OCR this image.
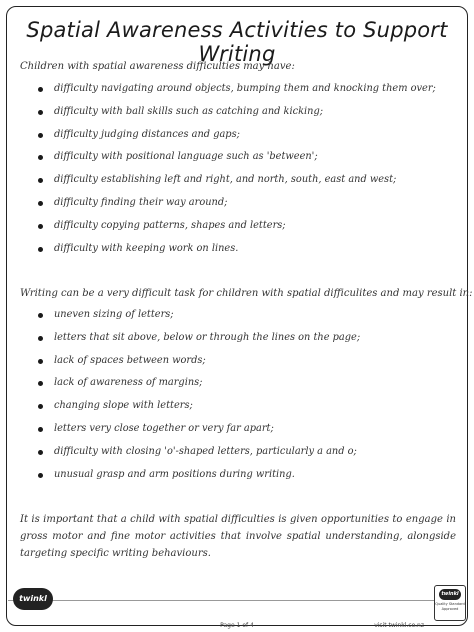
Spatial Awareness Activities to Support Writing
Children with spatial awareness difficulties may have:
difficulty navigating around objects, bumping them and knocking them over;
difficulty with ball skills such as catching and kicking;
difficulty judging distances and gaps;
difficulty with positional language such as 'between';
difficulty establishing left and right, and north, south, east and west;
difficulty finding their way around;
difficulty copying patterns, shapes and letters;
difficulty with keeping work on lines.
Writing can be a very difficult task for children with spatial difficulites and may result in:
uneven sizing of letters;
letters that sit above, below or through the lines on the page;
lack of spaces between words;
lack of awareness of margins;
changing slope with letters;
letters very close together or very far apart;
difficulty with closing 'o'-shaped letters, particularly a and o;
unusual grasp and arm positions during writing.
It is important that a child with spatial difficulties is given opportunities to engage in gross motor and fine motor activities that involve spatial understanding, alongside targeting specific writing behaviours.
twinkl
Page 1 of 4	visit twinkl.co.nz
twinkl
Quality Standard Approved
